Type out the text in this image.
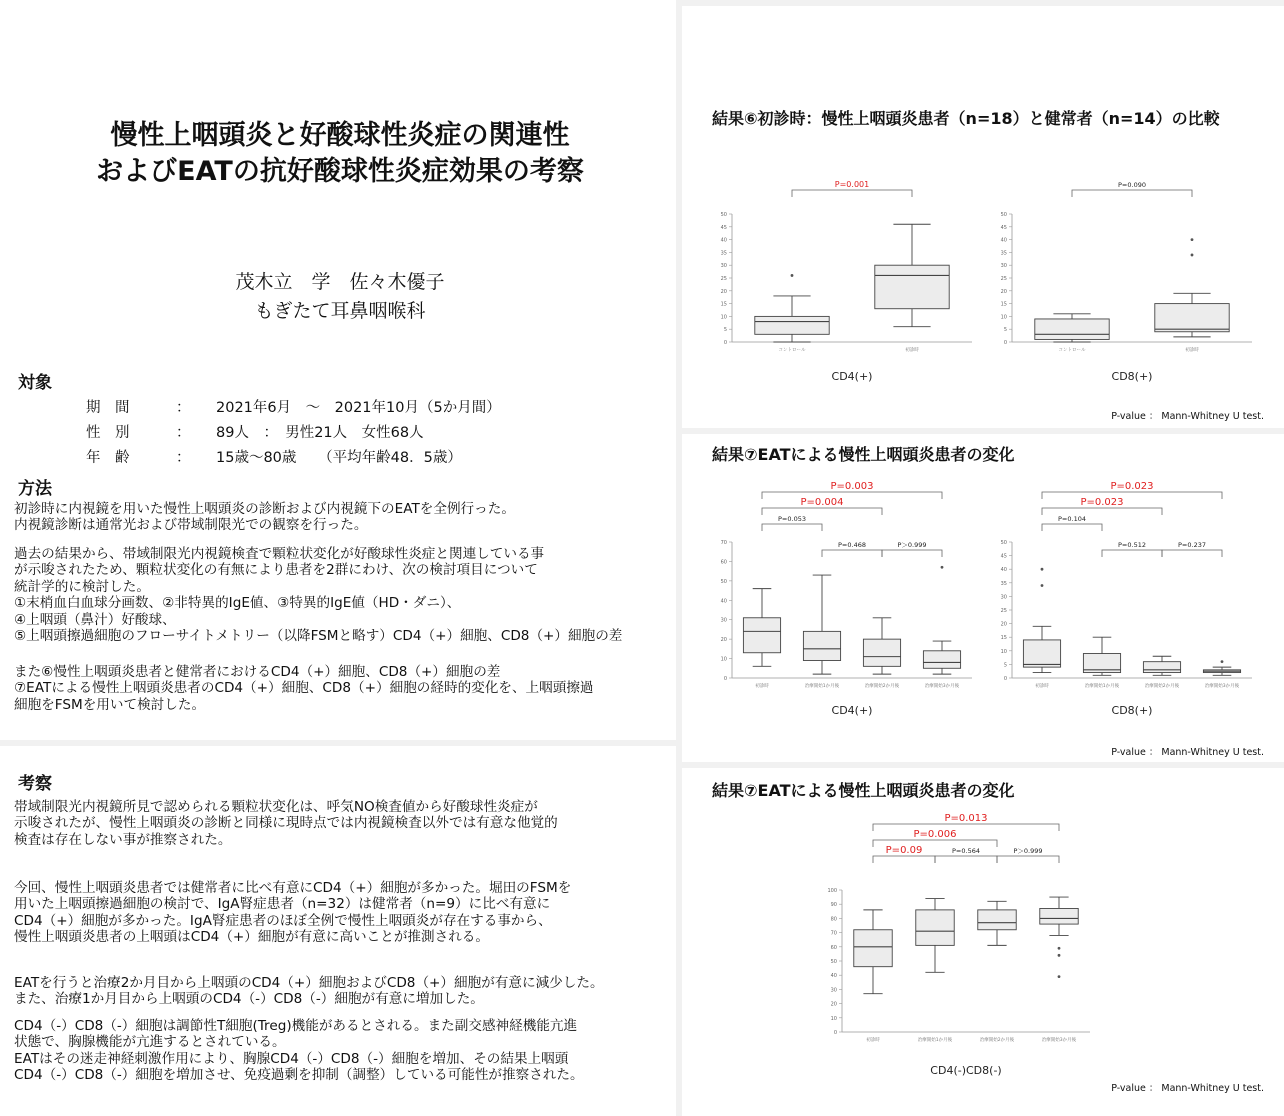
慢性上咽頭炎と好酸球性炎症の関連性
およびEATの抗好酸球性炎症効果の考察
茂木立　学　佐々木優子
もぎたて耳鼻咽喉科
対象
期　間	： 2021年6月　～　2021年10月（5か月間）
性　別	： 89人　：　男性21人　女性68人
年　齢	： 15歳～80歳　　（平均年齢48．5歳）
方法

初診時に内視鏡を用いた慢性上咽頭炎の診断および内視鏡下のEATを全例行った。
内視鏡診断は通常光および帯域制限光での観察を行った。

過去の結果から、帯域制限光内視鏡検査で顆粒状変化が好酸球性炎症と関連している事
が示唆されたため、顆粒状変化の有無により患者を2群にわけ、次の検討項目について
統計学的に検討した。
①末梢血白血球分画数、②非特異的IgE値、③特異的IgE値（HD・ダニ）、
④上咽頭（鼻汁）好酸球、
⑤上咽頭擦過細胞のフローサイトメトリー（以降FSMと略す）CD4（+）細胞、CD8（+）細胞の差

また⑥慢性上咽頭炎患者と健常者におけるCD4（+）細胞、CD8（+）細胞の差
⑦EATによる慢性上咽頭炎患者のCD4（+）細胞、CD8（+）細胞の経時的変化を、上咽頭擦過
細胞をFSMを用いて検討した。

考察

帯域制限光内視鏡所見で認められる顆粒状変化は、呼気NO検査値から好酸球性炎症が
示唆されたが、慢性上咽頭炎の診断と同様に現時点では内視鏡検査以外では有意な他覚的
検査は存在しない事が推察された。

今回、慢性上咽頭炎患者では健常者に比べ有意にCD4（+）細胞が多かった。堀田のFSMを
用いた上咽頭擦過細胞の検討で、IgA腎症患者（n=32）は健常者（n=9）に比べ有意に
CD4（+）細胞が多かった。IgA腎症患者のほぼ全例で慢性上咽頭炎が存在する事から、
慢性上咽頭炎患者の上咽頭はCD4（+）細胞が有意に高いことが推測される。

EATを行うと治療2か月目から上咽頭のCD4（+）細胞およびCD8（+）細胞が有意に減少した。
また、治療1か月目から上咽頭のCD4（-）CD8（-）細胞が有意に増加した。

CD4（-）CD8（-）細胞は調節性T細胞(Treg)機能があるとされる。また副交感神経機能亢進
状態で、胸腺機能が亢進するとされている。
EATはその迷走神経刺激作用により、胸腺CD4（-）CD8（-）細胞を増加、その結果上咽頭
CD4（-）CD8（-）細胞を増加させ、免疫過剰を抑制（調整）している可能性が推察された。

結果⑥初診時：慢性上咽頭炎患者（n=18）と健常者（n=14）の比較
0
5
10
15
20
25
30
35
40
45
50
コントロール	初診時
P=0.001
CD4(+)
0
5
10
15
20
25
30
35
40
45
50
コントロール	初診時
P=0.090
CD8(+)
P-value ： Mann-Whitney U test.
結果⑦EATによる慢性上咽頭炎患者の変化
0
10
20
30
40
50
60
70
初診時	治療開始1か月後	治療開始2か月後	治療開始3か月後
P=0.003
P=0.004
P=0.053
P=0.468	P＞0.999
CD4(+)
0
5
10
15
20
25
30
35
40
45
50
初診時	治療開始1か月後	治療開始2か月後	治療開始3か月後
P=0.023
P=0.023
P=0.104
P=0.512	P=0.237
CD8(+)
P-value ： Mann-Whitney U test.
結果⑦EATによる慢性上咽頭炎患者の変化
0
10
20
30
40
50
60
70
80
90
100
初診時	治療開始1か月後	治療開始2か月後	治療開始3か月後
P=0.013
P=0.006
P=0.09	P=0.564	P＞0.999
CD4(-)CD8(-)
P-value ： Mann-Whitney U test.
